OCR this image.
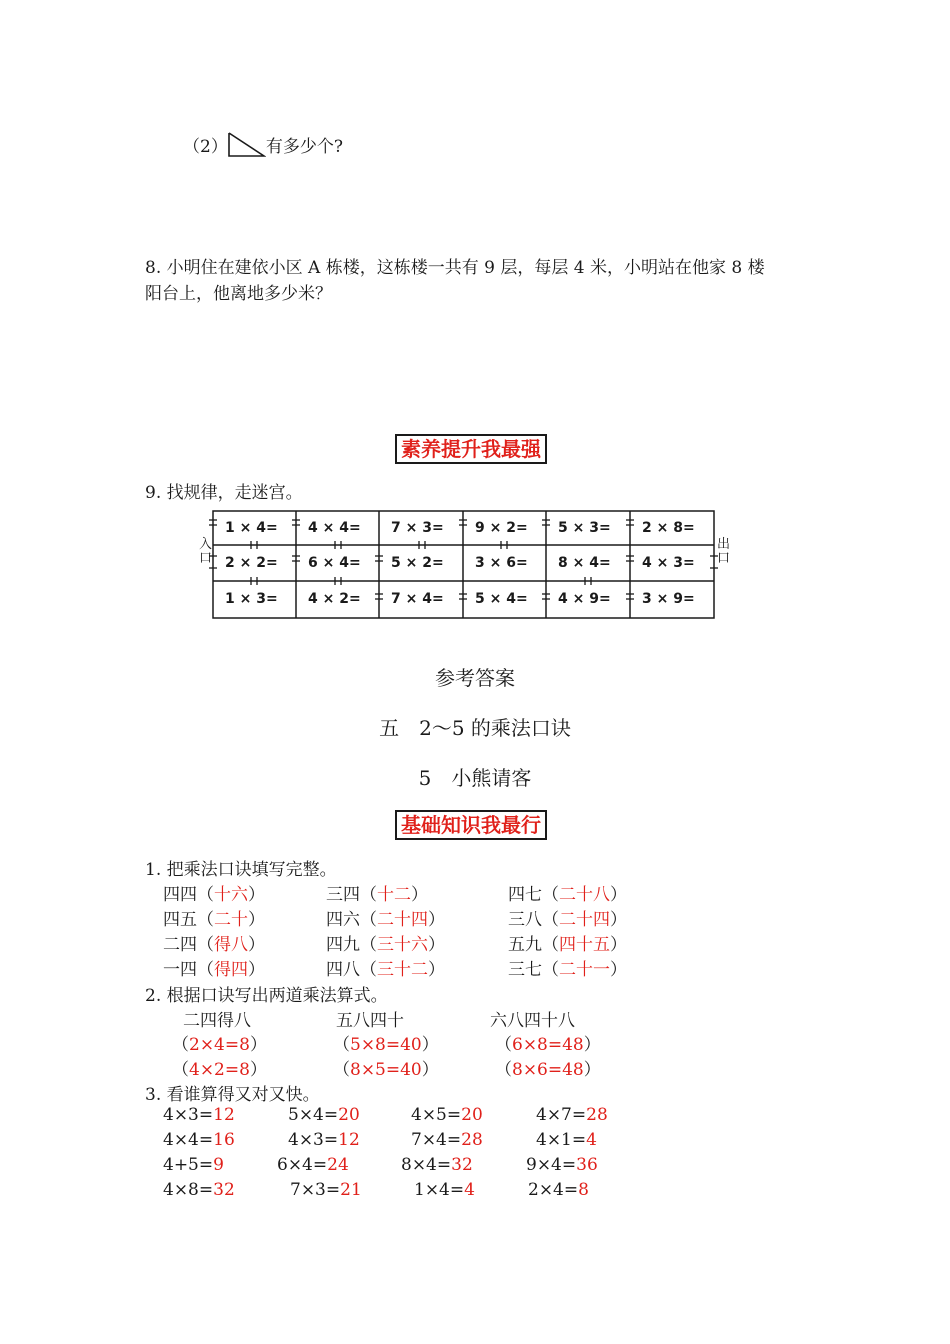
（2） 有多少个?
8. 小明住在建依小区 A 栋楼，这栋楼一共有 9 层，每层 4 米，小明站在他家 8 楼
阳台上，他离地多少米？
素养提升我最强
9. 找规律，走迷宫。
入口
出口
1 × 4= 4 × 4= 7 × 3= 9 × 2= 5 × 3= 2 × 8=
2 × 2= 6 × 4= 5 × 2= 3 × 6= 8 × 4= 4 × 3=
1 × 3= 4 × 2= 7 × 4= 5 × 4= 4 × 9= 3 × 9=
参考答案
五　2～5 的乘法口诀
5　小熊请客
基础知识我最行
1. 把乘法口诀填写完整。
四四（十六）	三四（十二）	四七（二十八）
四五（二十）	四六（二十四）	三八（二十四）
二四（得八）	四九（三十六）	五九（四十五）
一四（得四）	四八（三十二）	三七（二十一）
2. 根据口诀写出两道乘法算式。
二四得八	五八四十	六八四十八
（2×4=8）	（5×8=40）	（6×8=48）
（4×2=8）	（8×5=40）	（8×6=48）
3. 看谁算得又对又快。
4×3=12	5×4=20	4×5=20	4×7=28
4×4=16	4×3=12	7×4=28	4×1=4
4+5=9	6×4=24	8×4=32	9×4=36
4×8=32	7×3=21	1×4=4	2×4=8
